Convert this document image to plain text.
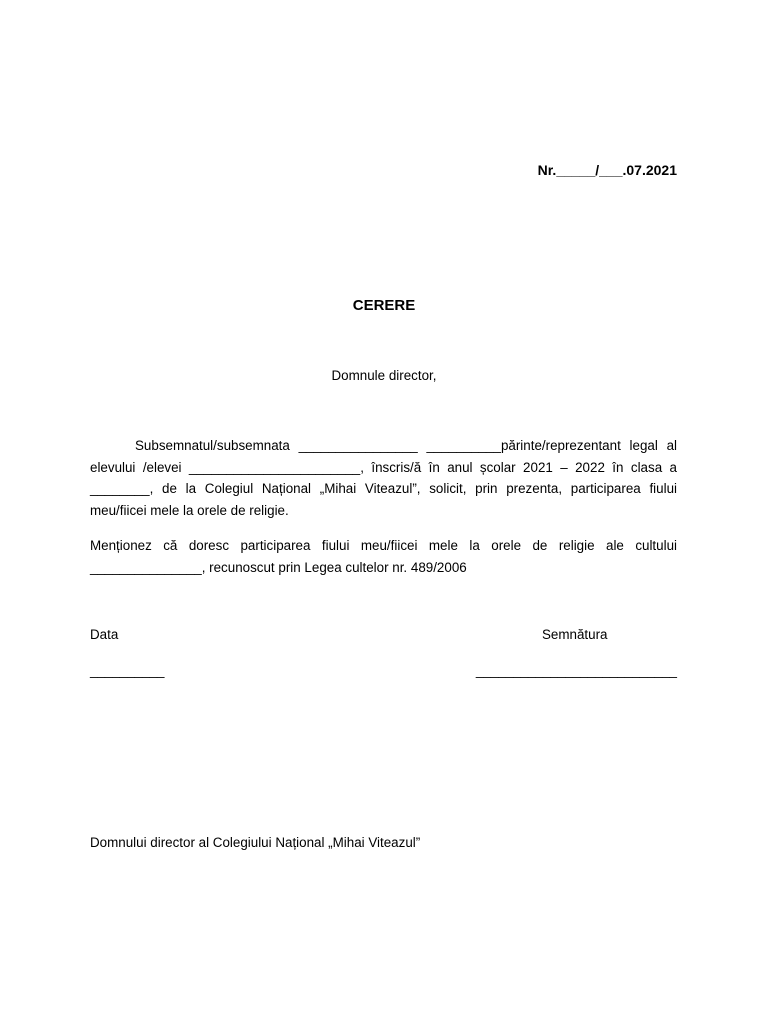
Nr._____/___.07.2021
CERERE
Domnule director,

Subsemnatul/subsemnata ________________ __________părinte/reprezentant legal al elevului /elevei _______________________, înscris/ă în anul școlar 2021 – 2022 în clasa a ________, de la Colegiul Național „Mihai Viteazul”, solicit, prin prezenta, participarea fiului meu/fiicei mele la orele de religie.

Menționez că doresc participarea fiului meu/fiicei mele la orele de religie ale cultului _______________, recunoscut prin Legea cultelor nr. 489/2006

Data	Semnătura
__________	___________________________
Domnului director al Colegiului Național „Mihai Viteazul”
